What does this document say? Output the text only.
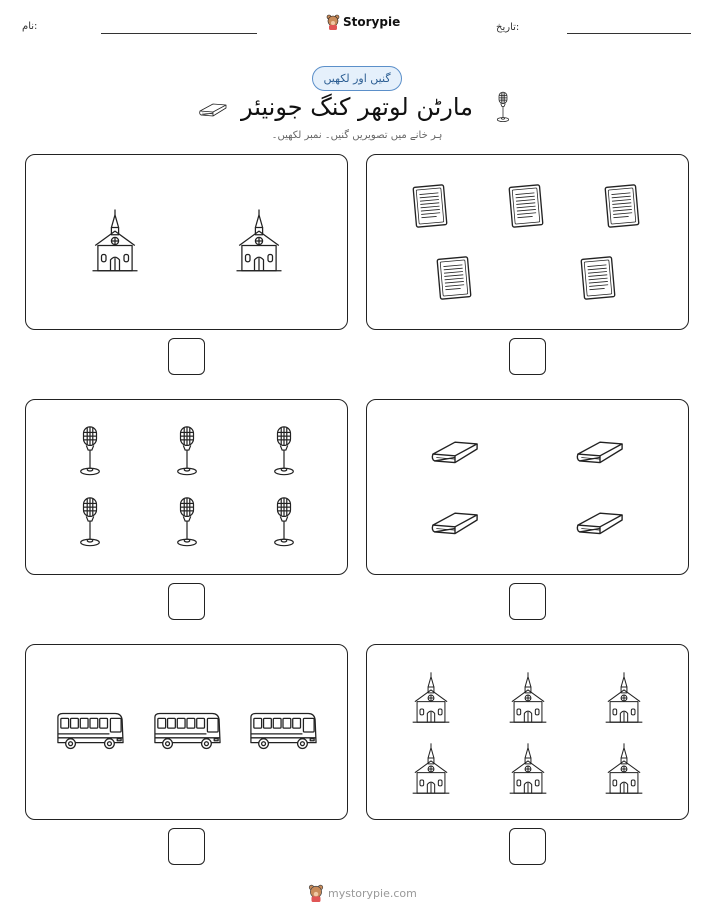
نام:	Storypie	تاریخ:
گنیں اور لکھیں
مارٹن لوتھر کنگ جونیئر
ہر خانے میں تصویریں گنیں۔ نمبر لکھیں۔
mystorypie.com
